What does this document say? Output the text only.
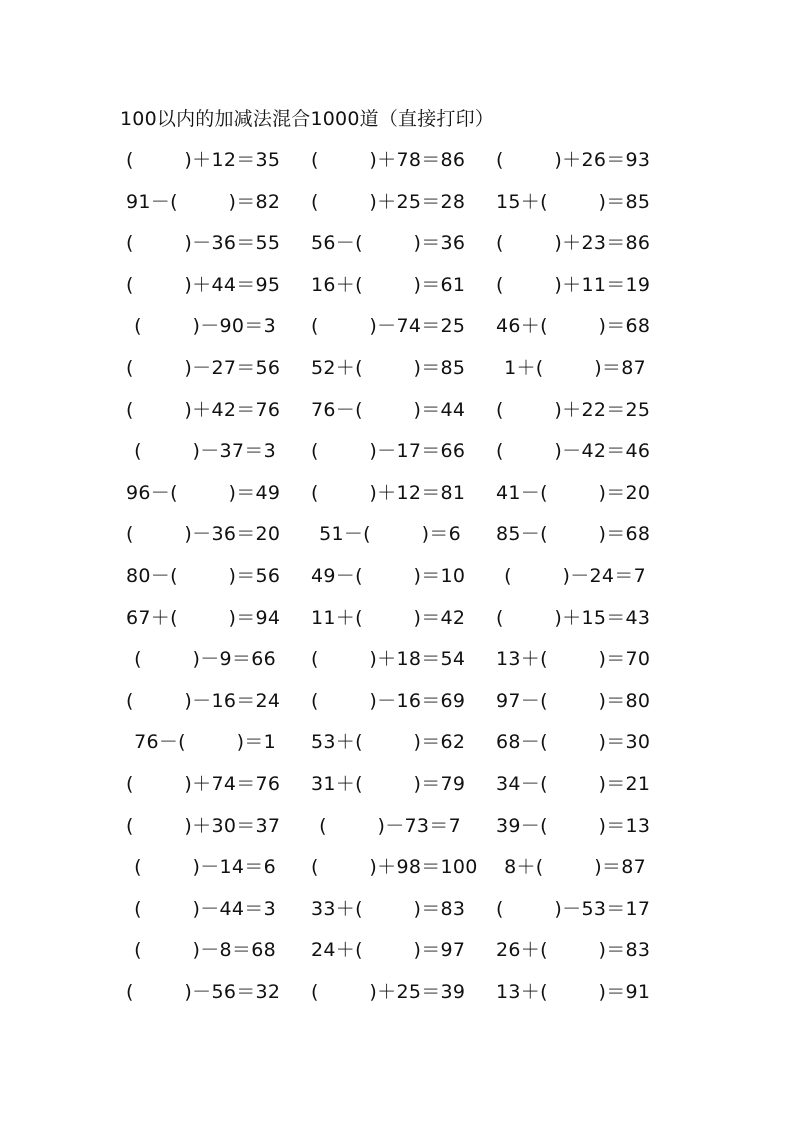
100以内的加减法混合1000道（直接打印）
(        )＋12＝35 (        )＋78＝86 (        )＋26＝93
91－(        )＝82 (        )＋25＝28 15＋(        )＝85
(        )－36＝55 56－(        )＝36 (        )＋23＝86
(        )＋44＝95 16＋(        )＝61 (        )＋11＝19
(        )－90＝3 (        )－74＝25 46＋(        )＝68
(        )－27＝56 52＋(        )＝85	1＋(        )＝87
(        )＋42＝76 76－(        )＝44 (        )＋22＝25
(        )－37＝3 (        )－17＝66 (        )－42＝46
96－(        )＝49 (        )＋12＝81 41－(        )＝20
(        )－36＝20	51－(        )＝6 85－(        )＝68
80－(        )＝56 49－(        )＝10	(        )－24＝7
67＋(        )＝94 11＋(        )＝42 (        )＋15＝43
(        )－9＝66 (        )＋18＝54 13＋(        )＝70
(        )－16＝24 (        )－16＝69 97－(        )＝80
76－(        )＝1 53＋(        )＝62 68－(        )＝30
(        )＋74＝76 31＋(        )＝79 34－(        )＝21
(        )＋30＝37	(        )－73＝7 39－(        )＝13
(        )－14＝6 (        )＋98＝100	8＋(        )＝87
(        )－44＝3 33＋(        )＝83 (        )－53＝17
(        )－8＝68 24＋(        )＝97 26＋(        )＝83
(        )－56＝32 (        )＋25＝39 13＋(        )＝91
